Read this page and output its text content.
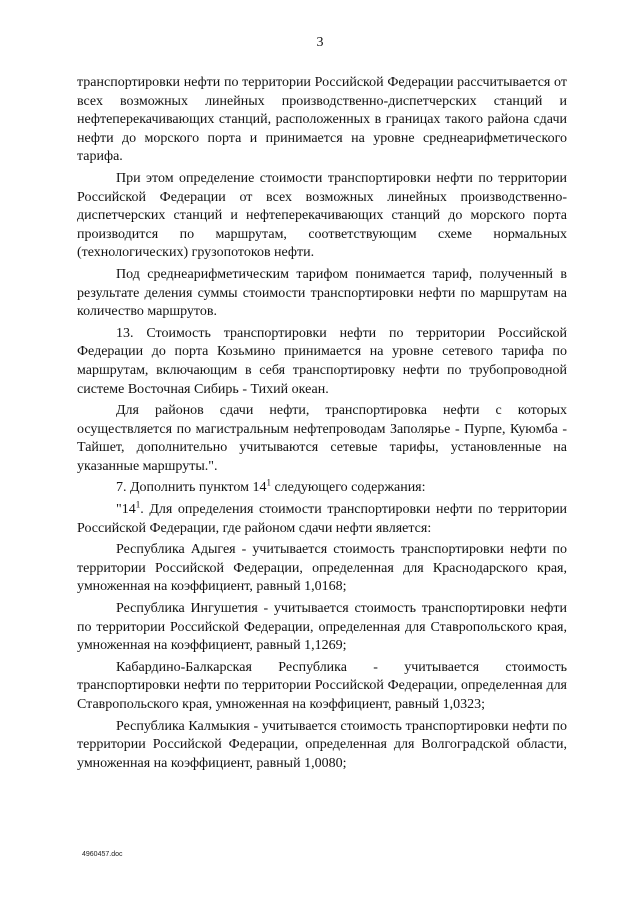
3

транспортировки нефти по территории Российской Федерации рассчитывается от всех возможных линейных производственно-диспетчерских станций и нефтеперекачивающих станций, расположенных в границах такого района сдачи нефти до морского порта и принимается на уровне среднеарифметического тарифа.

При этом определение стоимости транспортировки нефти по территории Российской Федерации от всех возможных линейных производственно-диспетчерских станций и нефтеперекачивающих станций до морского порта производится по маршрутам, соответствующим схеме нормальных (технологических) грузопотоков нефти.

Под среднеарифметическим тарифом понимается тариф, полученный в результате деления суммы стоимости транспортировки нефти по маршрутам на количество маршрутов.

13. Стоимость транспортировки нефти по территории Российской Федерации до порта Козьмино принимается на уровне сетевого тарифа по маршрутам, включающим в себя транспортировку нефти по трубопроводной системе Восточная Сибирь - Тихий океан.

Для районов сдачи нефти, транспортировка нефти с которых осуществляется по магистральным нефтепроводам Заполярье - Пурпе, Куюмба - Тайшет, дополнительно учитываются сетевые тарифы, установленные на указанные маршруты.".

7. Дополнить пунктом $14^1$ следующего содержания:

"$14^1$. Для определения стоимости транспортировки нефти по территории Российской Федерации, где районом сдачи нефти является:

Республика Адыгея - учитывается стоимость транспортировки нефти по территории Российской Федерации, определенная для Краснодарского края, умноженная на коэффициент, равный 1,0168;

Республика Ингушетия - учитывается стоимость транспортировки нефти по территории Российской Федерации, определенная для Ставропольского края, умноженная на коэффициент, равный 1,1269;

Кабардино-Балкарская Республика - учитывается стоимость транспортировки нефти по территории Российской Федерации, определенная для Ставропольского края, умноженная на коэффициент, равный 1,0323;

Республика Калмыкия - учитывается стоимость транспортировки нефти по территории Российской Федерации, определенная для Волгоградской области, умноженная на коэффициент, равный 1,0080;

4960457.doc
